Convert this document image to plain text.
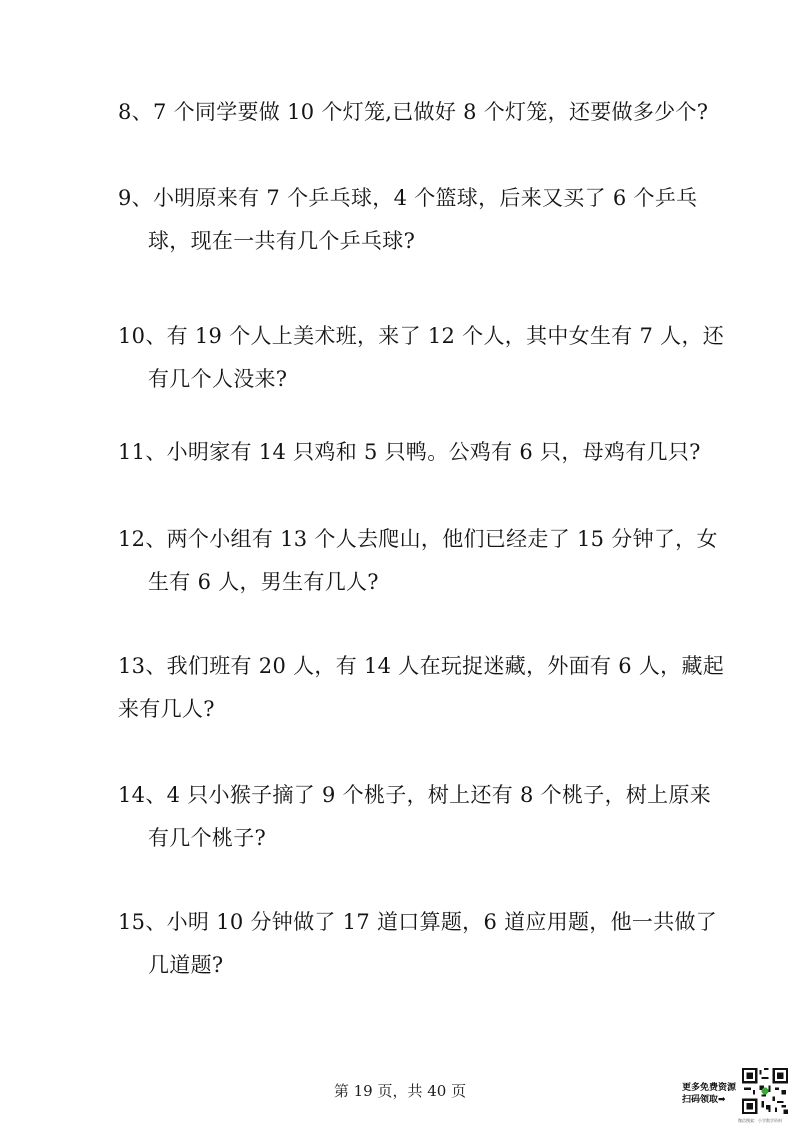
8、7 个同学要做 10 个灯笼,已做好 8 个灯笼，还要做多少个?
9、小明原来有 7 个乒乓球，4 个篮球，后来又买了 6 个乒乓
球，现在一共有几个乒乓球?
10、有 19 个人上美术班，来了 12 个人，其中女生有 7 人，还
有几个人没来?
11、小明家有 14 只鸡和 5 只鸭。公鸡有 6 只，母鸡有几只?
12、两个小组有 13 个人去爬山，他们已经走了 15 分钟了，女
生有 6 人，男生有几人?
13、我们班有 20 人，有 14 人在玩捉迷藏，外面有 6 人，藏起
来有几人?
14、4 只小猴子摘了 9 个桃子，树上还有 8 个桃子，树上原来
有几个桃子?
15、小明 10 分钟做了 17 道口算题，6 道应用题，他一共做了
几道题?
第 19 页，共 40 页	更多免费资源
扫码领取➡
微信搜索：小学数学资料
